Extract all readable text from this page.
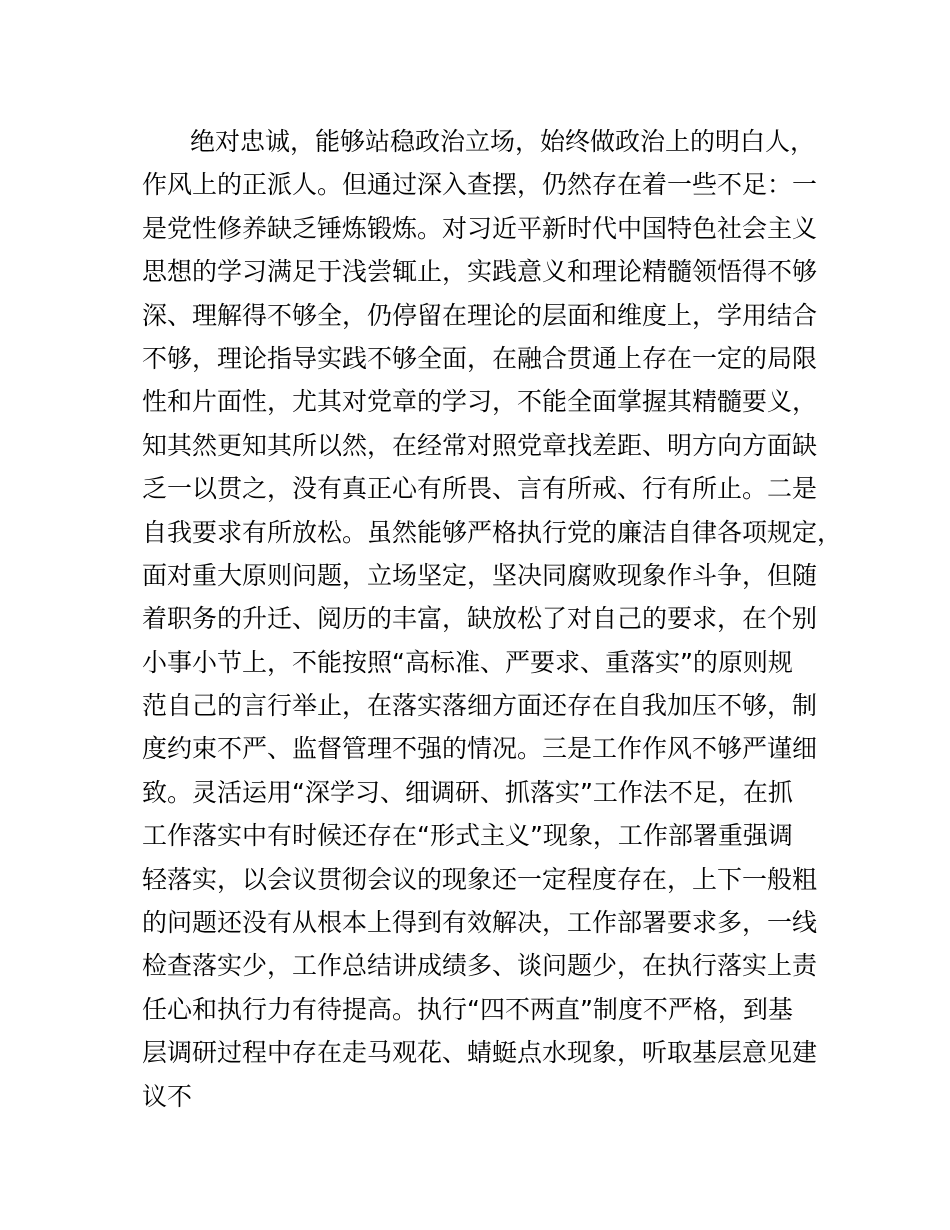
绝对忠诚，能够站稳政治立场，始终做政治上的明白人，
作风上的正派人。但通过深入查摆，仍然存在着一些不足：一
是党性修养缺乏锤炼锻炼。对习近平新时代中国特色社会主义
思想的学习满足于浅尝辄止，实践意义和理论精髓领悟得不够
深、理解得不够全，仍停留在理论的层面和维度上，学用结合
不够，理论指导实践不够全面，在融合贯通上存在一定的局限
性和片面性，尤其对党章的学习，不能全面掌握其精髓要义，
知其然更知其所以然，在经常对照党章找差距、明方向方面缺
乏一以贯之，没有真正心有所畏、言有所戒、行有所止。二是
自我要求有所放松。虽然能够严格执行党的廉洁自律各项规定，
面对重大原则问题，立场坚定，坚决同腐败现象作斗争，但随
着职务的升迁、阅历的丰富，缺放松了对自己的要求，在个别
小事小节上，不能按照“高标准、严要求、重落实”的原则规
范自己的言行举止，在落实落细方面还存在自我加压不够，制
度约束不严、监督管理不强的情况。三是工作作风不够严谨细
致。灵活运用“深学习、细调研、抓落实”工作法不足，在抓
工作落实中有时候还存在“形式主义”现象，工作部署重强调
轻落实，以会议贯彻会议的现象还一定程度存在，上下一般粗
的问题还没有从根本上得到有效解决，工作部署要求多，一线
检查落实少，工作总结讲成绩多、谈问题少，在执行落实上责
任心和执行力有待提高。执行“四不两直”制度不严格，到基
层调研过程中存在走马观花、蜻蜓点水现象，听取基层意见建
议不
